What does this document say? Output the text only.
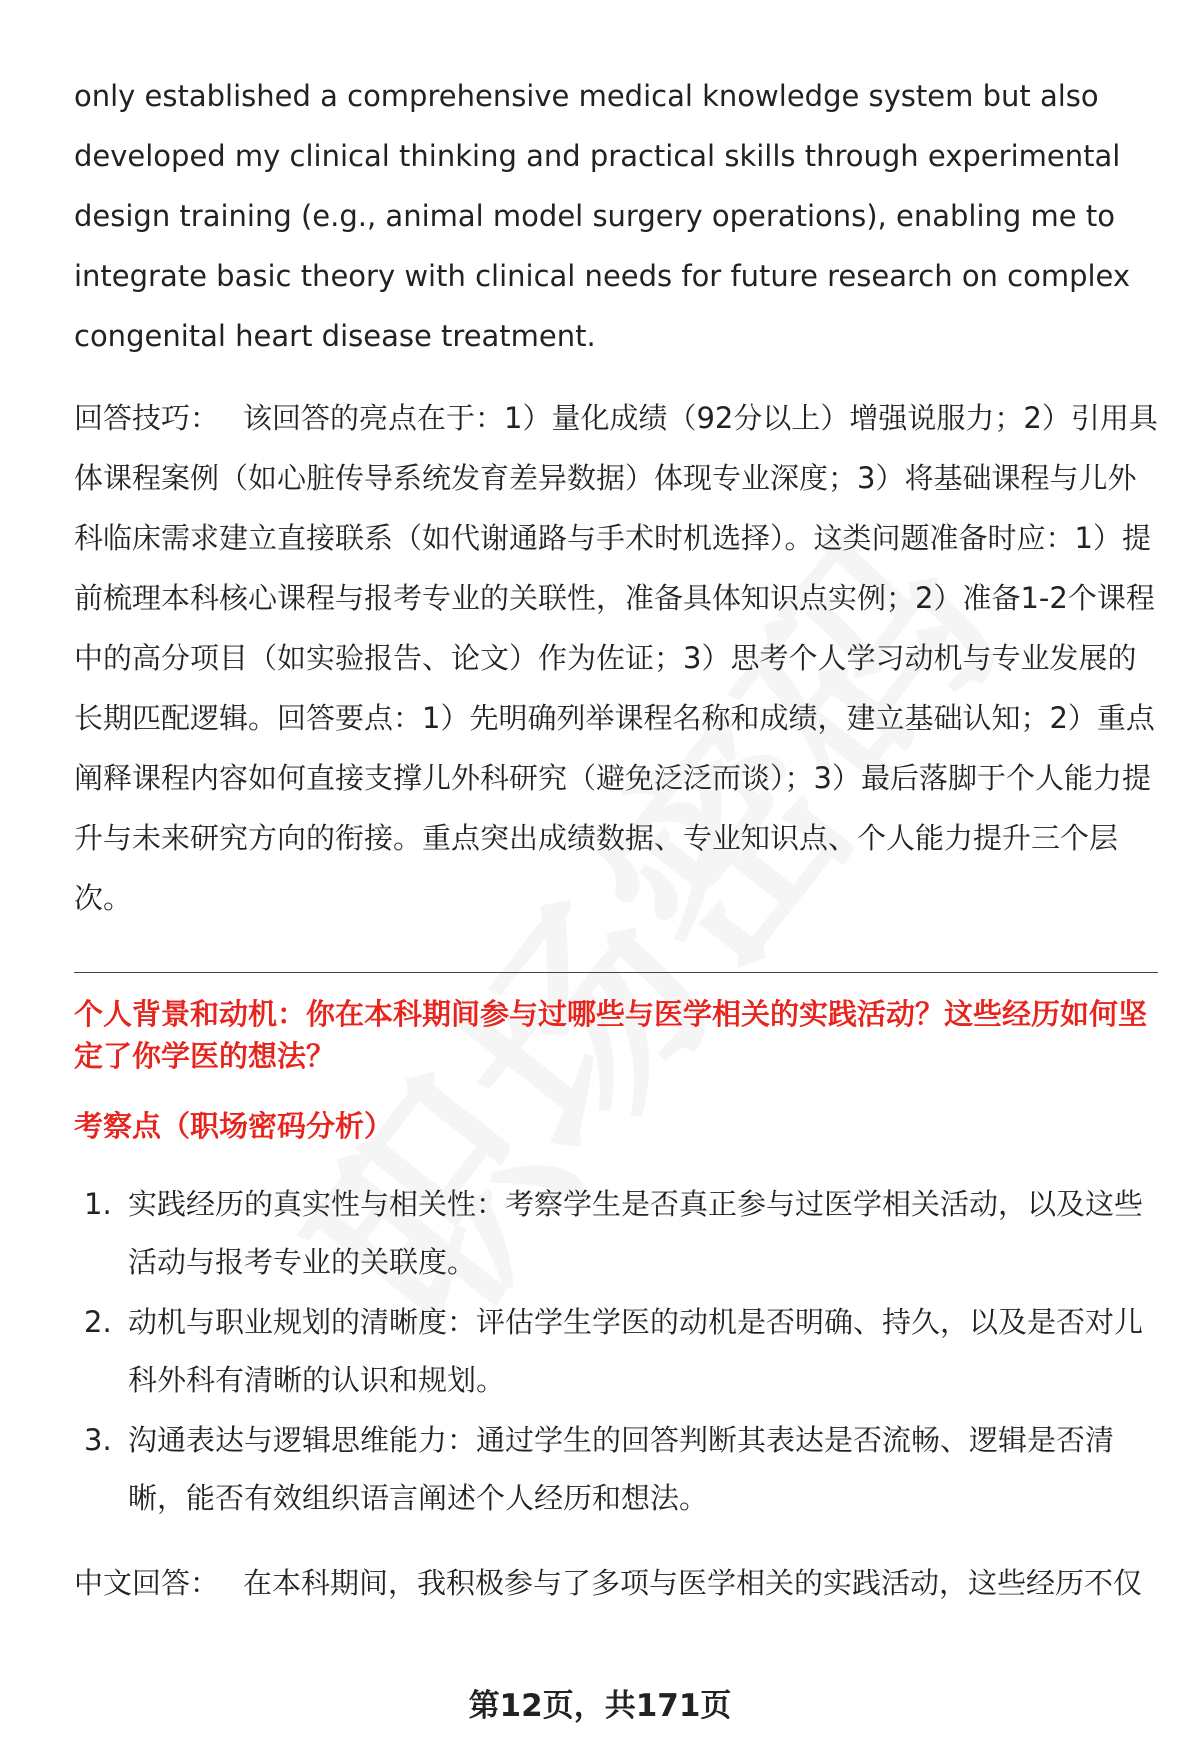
only established a comprehensive medical knowledge system but also developed my clinical thinking and practical skills through experimental design training (e.g., animal model surgery operations), enabling me to integrate basic theory with clinical needs for future research on complex congenital heart disease treatment.

回答技巧： 该回答的亮点在于：1）量化成绩（92分以上）增强说服力；2）引用具体课程案例（如心脏传导系统发育差异数据）体现专业深度；3）将基础课程与儿外科临床需求建立直接联系（如代谢通路与手术时机选择）。这类问题准备时应：1）提前梳理本科核心课程与报考专业的关联性，准备具体知识点实例；2）准备1-2个课程中的高分项目（如实验报告、论文）作为佐证；3）思考个人学习动机与专业发展的长期匹配逻辑。回答要点：1）先明确列举课程名称和成绩，建立基础认知；2）重点阐释课程内容如何直接支撑儿外科研究（避免泛泛而谈）；3）最后落脚于个人能力提升与未来研究方向的衔接。重点突出成绩数据、专业知识点、个人能力提升三个层次。

个人背景和动机：你在本科期间参与过哪些与医学相关的实践活动？这些经历如何坚定了你学医的想法？

考察点（职场密码分析）
1. 实践经历的真实性与相关性：考察学生是否真正参与过医学相关活动，以及这些活动与报考专业的关联度。
2. 动机与职业规划的清晰度：评估学生学医的动机是否明确、持久，以及是否对儿科外科有清晰的认识和规划。
3. 沟通表达与逻辑思维能力：通过学生的回答判断其表达是否流畅、逻辑是否清晰，能否有效组织语言阐述个人经历和想法。

中文回答： 在本科期间，我积极参与了多项与医学相关的实践活动，这些经历不仅

第12页，共171页
